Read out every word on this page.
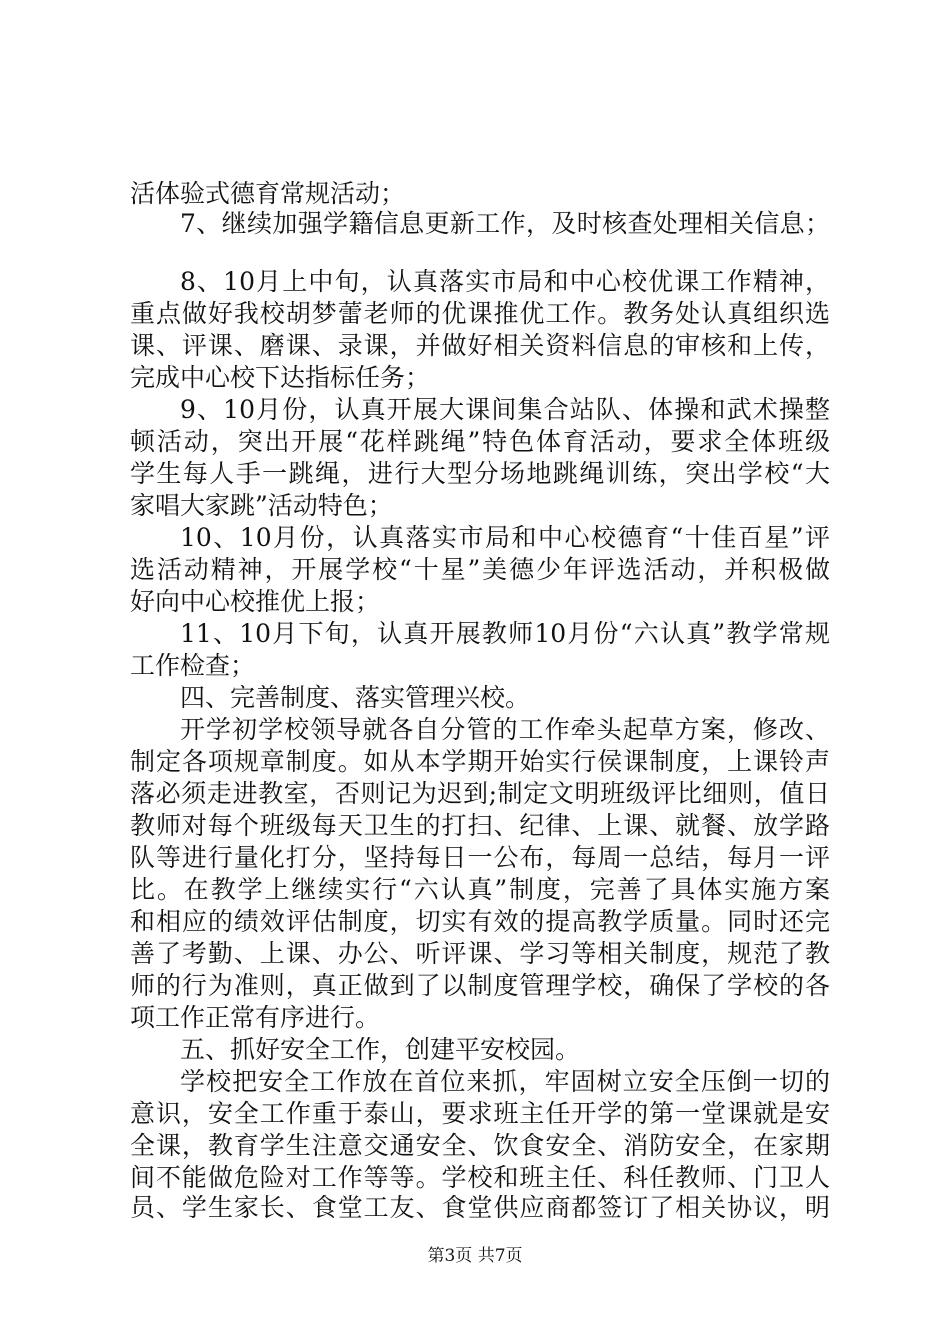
活体验式德育常规活动；
7、继续加强学籍信息更新工作，及时核查处理相关信息；
8、10月上中旬，认真落实市局和中心校优课工作精神，
重点做好我校胡梦蕾老师的优课推优工作。教务处认真组织选
课、评课、磨课、录课，并做好相关资料信息的审核和上传，
完成中心校下达指标任务；
9、10月份，认真开展大课间集合站队、体操和武术操整
顿活动，突出开展“花样跳绳”特色体育活动，要求全体班级
学生每人手一跳绳，进行大型分场地跳绳训练，突出学校“大
家唱大家跳”活动特色；
10、10月份，认真落实市局和中心校德育“十佳百星”评
选活动精神，开展学校“十星”美德少年评选活动，并积极做
好向中心校推优上报；
11、10月下旬，认真开展教师10月份“六认真”教学常规
工作检查；
四、完善制度、落实管理兴校。
开学初学校领导就各自分管的工作牵头起草方案，修改、
制定各项规章制度。如从本学期开始实行侯课制度，上课铃声
落必须走进教室，否则记为迟到;制定文明班级评比细则，值日
教师对每个班级每天卫生的打扫、纪律、上课、就餐、放学路
队等进行量化打分，坚持每日一公布，每周一总结，每月一评
比。在教学上继续实行“六认真”制度，完善了具体实施方案
和相应的绩效评估制度，切实有效的提高教学质量。同时还完
善了考勤、上课、办公、听评课、学习等相关制度，规范了教
师的行为准则，真正做到了以制度管理学校，确保了学校的各
项工作正常有序进行。
五、抓好安全工作，创建平安校园。
学校把安全工作放在首位来抓，牢固树立安全压倒一切的
意识，安全工作重于泰山，要求班主任开学的第一堂课就是安
全课，教育学生注意交通安全、饮食安全、消防安全，在家期
间不能做危险对工作等等。学校和班主任、科任教师、门卫人
员、学生家长、食堂工友、食堂供应商都签订了相关协议，明
第3页 共7页
